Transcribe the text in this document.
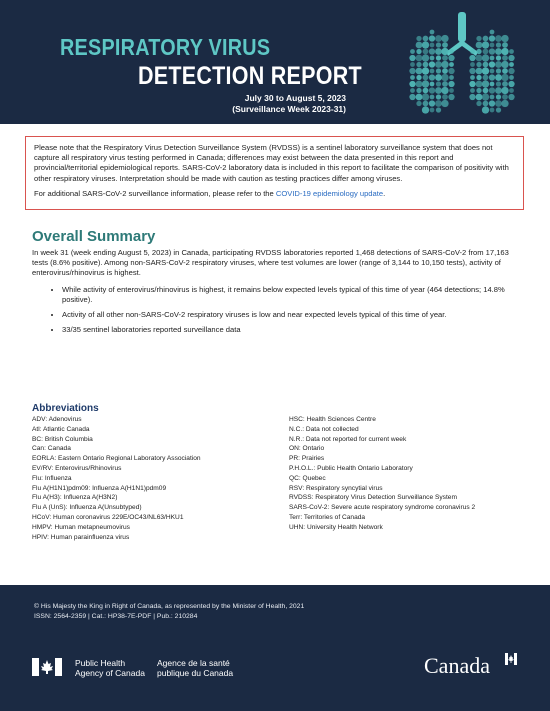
RESPIRATORY VIRUS
DETECTION REPORT
July 30 to August 5, 2023
(Surveillance Week 2023-31)

Please note that the Respiratory Virus Detection Surveillance System (RVDSS) is a sentinel laboratory surveillance system that does not capture all respiratory virus testing performed in Canada; differences may exist between the data presented in this report and provincial/territorial epidemiological reports. SARS-CoV-2 laboratory data is included in this report to facilitate the comparison of positivity with other respiratory viruses. Interpretation should be made with caution as testing practices differ among viruses.

For additional SARS-CoV-2 surveillance information, please refer to the COVID-19 epidemiology update.

Overall Summary

In week 31 (week ending August 5, 2023) in Canada, participating RVDSS laboratories reported 1,468 detections of SARS-CoV-2 from 17,163 tests (8.6% positive). Among non-SARS-CoV-2 respiratory viruses, where test volumes are lower (range of 3,144 to 10,150 tests), activity of enterovirus/rhinovirus is highest.

• While activity of enterovirus/rhinovirus is highest, it remains below expected levels typical of this time of year (464 detections; 14.8% positive).
• Activity of all other non-SARS-CoV-2 respiratory viruses is low and near expected levels typical of this time of year.
• 33/35 sentinel laboratories reported surveillance data
Abbreviations
ADV: Adenovirus
Atl: Atlantic Canada
BC: British Columbia
Can: Canada
EORLA: Eastern Ontario Regional Laboratory Association
EV/RV: Enterovirus/Rhinovirus
Flu: Influenza
Flu A(H1N1)pdm09: Influenza A(H1N1)pdm09
Flu A(H3): Influenza A(H3N2)
Flu A (UnS): Influenza A(Unsubtyped)
HCoV: Human coronavirus 229E/OC43/NL63/HKU1
HMPV: Human metapneumovirus
HPIV: Human parainfluenza virus
HSC: Health Sciences Centre
N.C.: Data not collected
N.R.: Data not reported for current week
ON: Ontario
PR: Prairies
P.H.O.L.: Public Health Ontario Laboratory
QC: Quebec
RSV: Respiratory syncytial virus
RVDSS: Respiratory Virus Detection Surveillance System
SARS-CoV-2: Severe acute respiratory syndrome coronavirus 2
Terr: Territories of Canada
UHN: University Health Network
© His Majesty the King in Right of Canada, as represented by the Minister of Health, 2021
ISSN: 2564-2359 | Cat.: HP38-7E-PDF | Pub.: 210284
Public Health
Agency of Canada
Agence de la santé
publique du Canada	Canada
